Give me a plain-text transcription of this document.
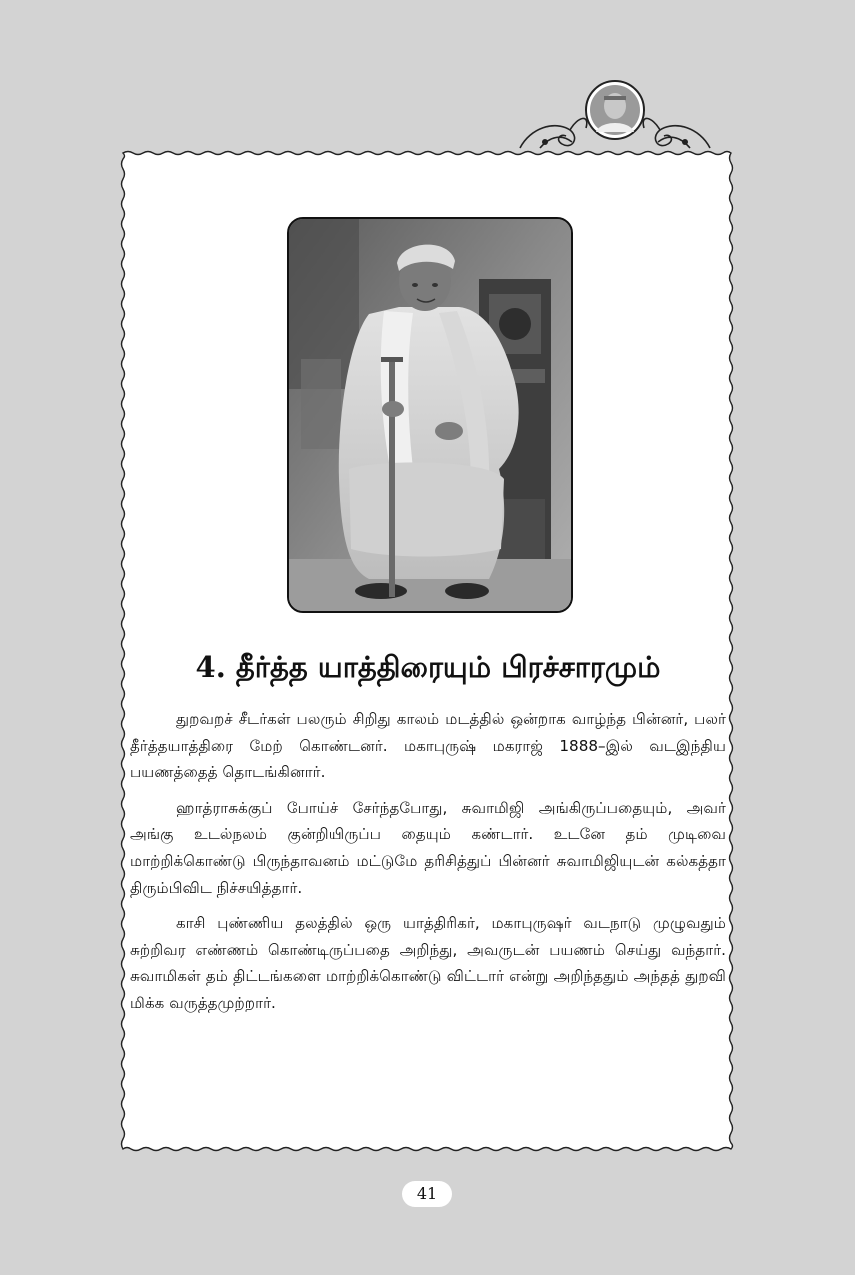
4. தீர்த்த யாத்திரையும் பிரச்சாரமும்

துறவறச் சீடர்கள் பலரும் சிறிது காலம் மடத்தில் ஒன்றாக வாழ்ந்த பின்னர், பலர் தீர்த்தயாத்திரை மேற் கொண்டனர். மகாபுருஷ் மகராஜ் 1888–இல் வடஇந்திய பயணத்தைத் தொடங்கினார்.

ஹாத்ராசுக்குப் போய்ச் சேர்ந்தபோது, சுவாமிஜி அங்கிருப்பதையும், அவர் அங்கு உடல்நலம் குன்றியிருப்ப தையும் கண்டார். உடனே தம் முடிவை மாற்றிக்கொண்டு பிருந்தாவனம் மட்டுமே தரிசித்துப் பின்னர் சுவாமிஜியுடன் கல்கத்தா திரும்பிவிட நிச்சயித்தார்.

காசி புண்ணிய தலத்தில் ஒரு யாத்திரிகர், மகாபுருஷர் வடநாடு முழுவதும் சுற்றிவர எண்ணம் கொண்டிருப்பதை அறிந்து, அவருடன் பயணம் செய்து வந்தார். சுவாமிகள் தம் திட்டங்களை மாற்றிக்கொண்டு விட்டார் என்று அறிந்ததும் அந்தத் துறவி மிக்க வருத்தமுற்றார்.

41
